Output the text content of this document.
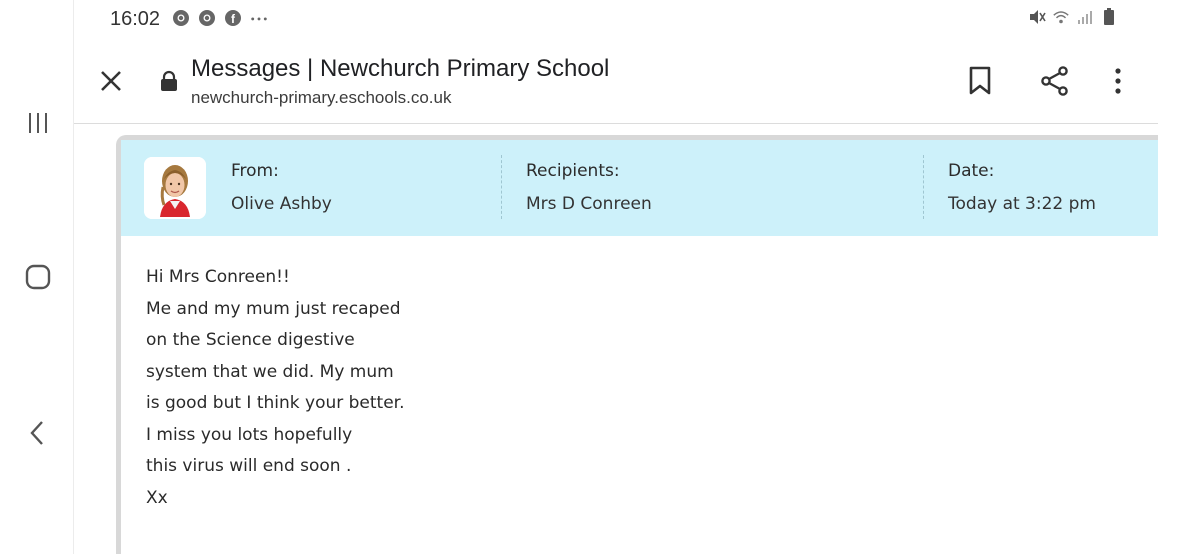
16:02	f
Messages | Newchurch Primary School
newchurch-primary.eschools.co.uk
From:
Olive Ashby
Recipients:
Mrs D Conreen
Date:
Today at 3:22 pm
Hi Mrs Conreen!!
Me and my mum just recaped
on the Science digestive
system that we did. My mum
is good but I think your better.
I miss you lots hopefully
this virus will end soon .
Xx
